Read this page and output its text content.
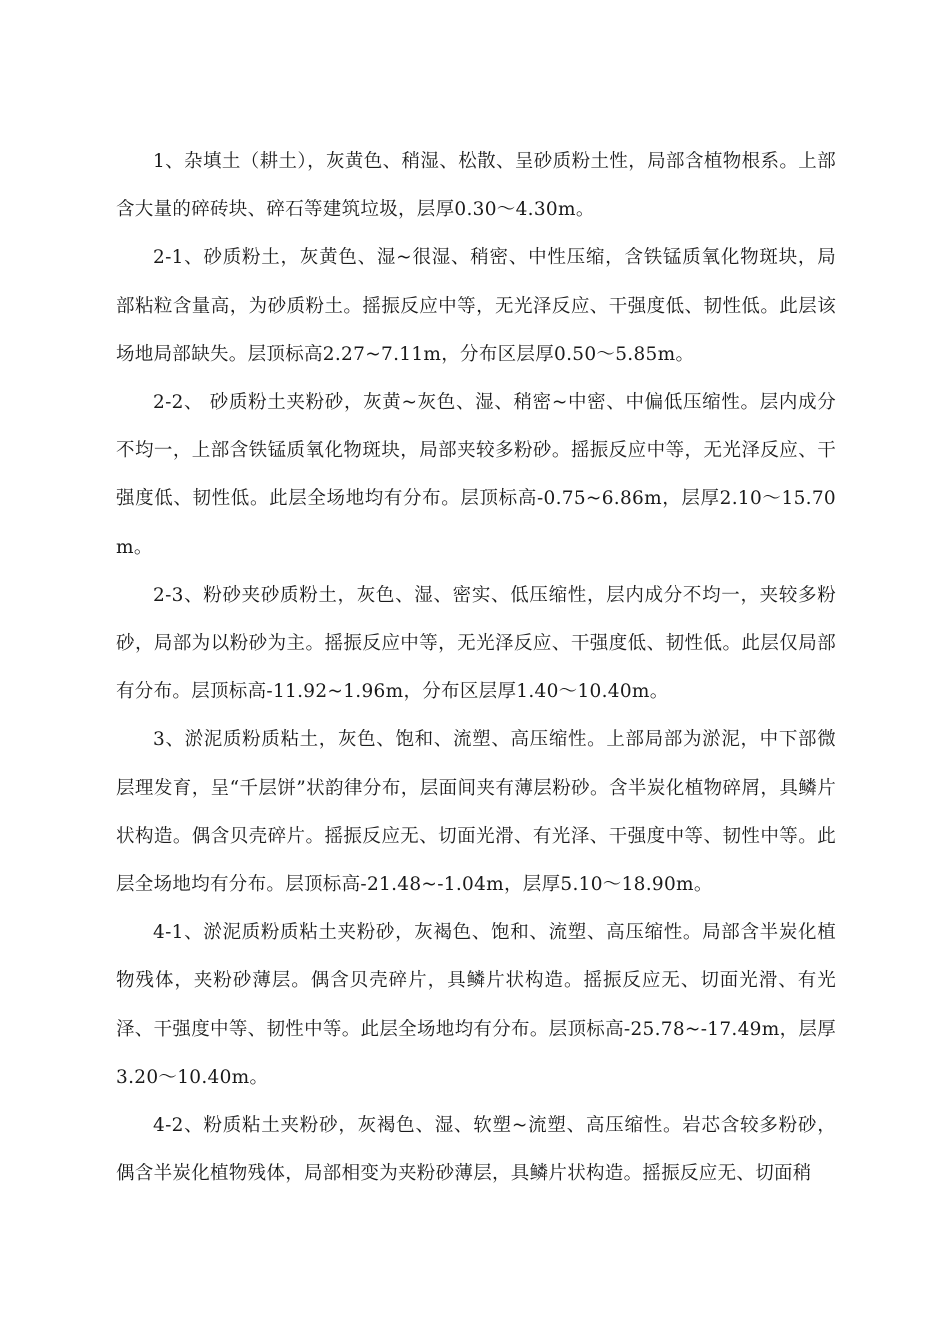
1、杂填土（耕土），灰黄色、稍湿、松散、呈砂质粉土性，局部含植物根系。上部含大量的碎砖块、碎石等建筑垃圾，层厚0.30～4.30m。

2-1、砂质粉土，灰黄色、湿~很湿、稍密、中性压缩，含铁锰质氧化物斑块，局部粘粒含量高，为砂质粉土。摇振反应中等，无光泽反应、干强度低、韧性低。此层该场地局部缺失。层顶标高2.27~7.11m，分布区层厚0.50～5.85m。

2-2、 砂质粉土夹粉砂，灰黄~灰色、湿、稍密~中密、中偏低压缩性。层内成分不均一，上部含铁锰质氧化物斑块，局部夹较多粉砂。摇振反应中等，无光泽反应、干强度低、韧性低。此层全场地均有分布。层顶标高-0.75~6.86m，层厚2.10～15.70m。

2-3、粉砂夹砂质粉土，灰色、湿、密实、低压缩性，层内成分不均一，夹较多粉砂，局部为以粉砂为主。摇振反应中等，无光泽反应、干强度低、韧性低。此层仅局部有分布。层顶标高-11.92~1.96m，分布区层厚1.40～10.40m。

3、淤泥质粉质粘土，灰色、饱和、流塑、高压缩性。上部局部为淤泥，中下部微层理发育，呈“千层饼”状韵律分布，层面间夹有薄层粉砂。含半炭化植物碎屑，具鳞片状构造。偶含贝壳碎片。摇振反应无、切面光滑、有光泽、干强度中等、韧性中等。此层全场地均有分布。层顶标高-21.48~-1.04m，层厚5.10～18.90m。

4-1、淤泥质粉质粘土夹粉砂，灰褐色、饱和、流塑、高压缩性。局部含半炭化植物残体，夹粉砂薄层。偶含贝壳碎片，具鳞片状构造。摇振反应无、切面光滑、有光泽、干强度中等、韧性中等。此层全场地均有分布。层顶标高-25.78~-17.49m，层厚3.20～10.40m。

4-2、粉质粘土夹粉砂，灰褐色、湿、软塑~流塑、高压缩性。岩芯含较多粉砂，偶含半炭化植物残体，局部相变为夹粉砂薄层，具鳞片状构造。摇振反应无、切面稍
